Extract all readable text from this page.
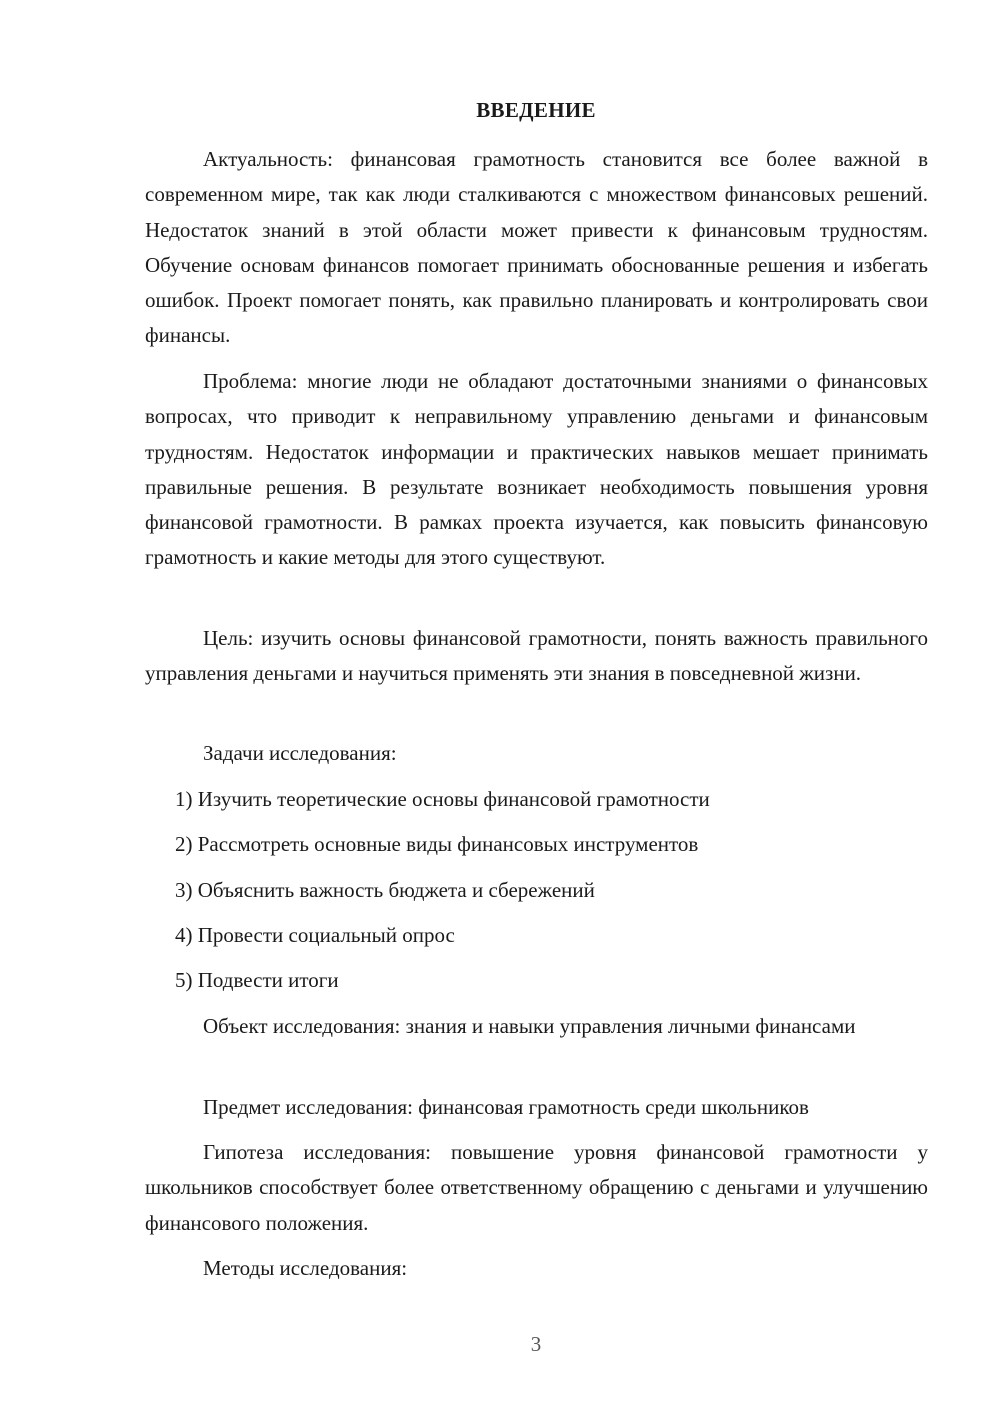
ВВЕДЕНИЕ

Актуальность: финансовая грамотность становится все более важной в современном мире, так как люди сталкиваются с множеством финансовых решений. Недостаток знаний в этой области может привести к финансовым трудностям. Обучение основам финансов помогает принимать обоснованные решения и избегать ошибок. Проект помогает понять, как правильно планировать и контролировать свои финансы.

Проблема: многие люди не обладают достаточными знаниями о финансовых вопросах, что приводит к неправильному управлению деньгами и финансовым трудностям. Недостаток информации и практических навыков мешает принимать правильные решения. В результате возникает необходимость повышения уровня финансовой грамотности. В рамках проекта изучается, как повысить финансовую грамотность и какие методы для этого существуют.

Цель: изучить основы финансовой грамотности, понять важность правильного управления деньгами и научиться применять эти знания в повседневной жизни.

Задачи исследования:
1) Изучить теоретические основы финансовой грамотности
2) Рассмотреть основные виды финансовых инструментов
3) Объяснить важность бюджета и сбережений
4) Провести социальный опрос
5) Подвести итоги

Объект исследования: знания и навыки управления личными финансами

Предмет исследования: финансовая грамотность среди школьников

Гипотеза исследования: повышение уровня финансовой грамотности у школьников способствует более ответственному обращению с деньгами и улучшению финансового положения.

Методы исследования:
3
